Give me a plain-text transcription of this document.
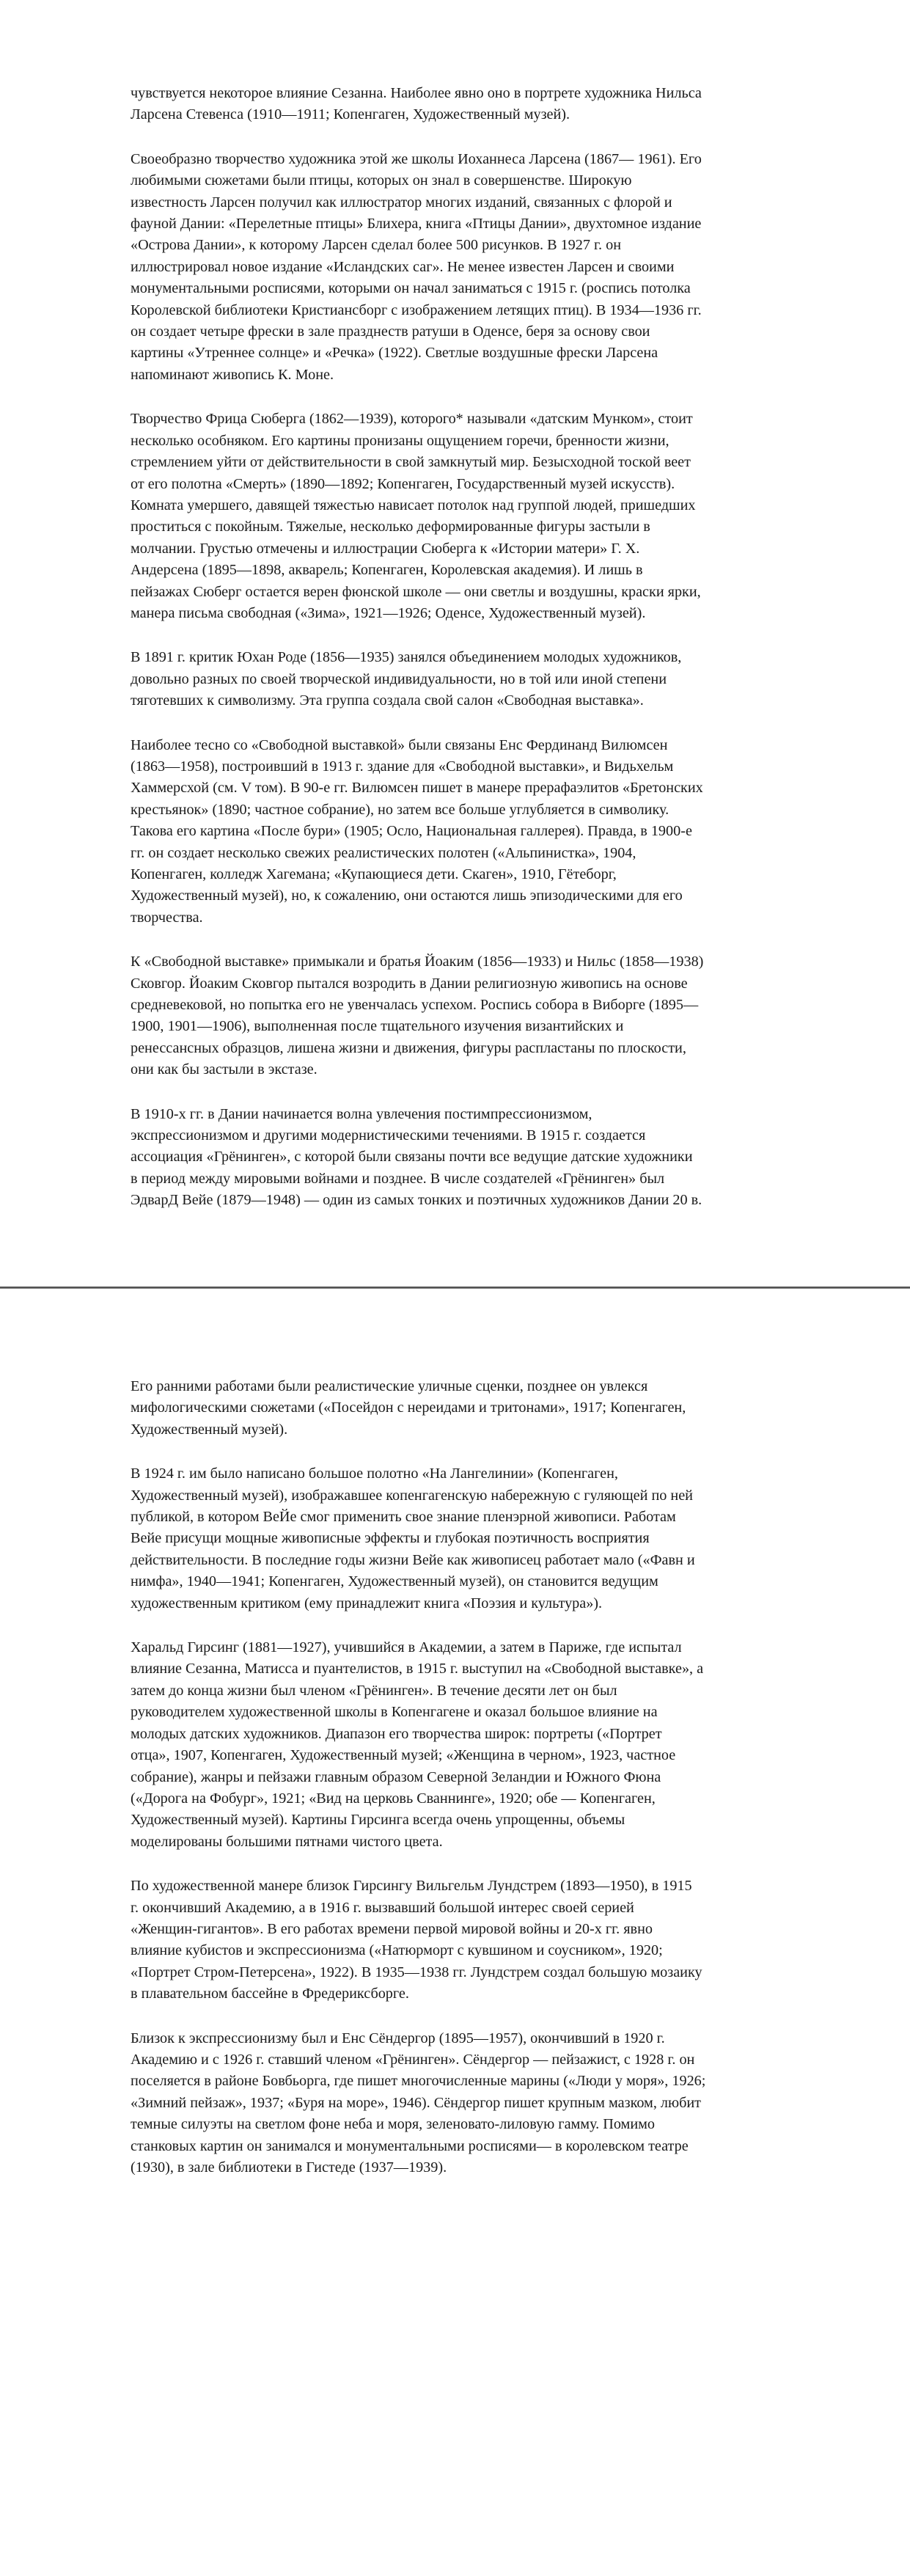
чувствуется некоторое влияние Сезанна. Наиболее явно оно в портрете художника Нильса
Ларсена Стевенса (1910—1911; Копенгаген, Художественный музей).

Своеобразно творчество художника этой же школы Иоханнеса Ларсена (1867— 1961). Его
любимыми сюжетами были птицы, которых он знал в совершенстве. Широкую
известность Ларсен получил как иллюстратор многих изданий, связанных с флорой и
фауной Дании: «Перелетные птицы» Блихера, книга «Птицы Дании», двухтомное издание
«Острова Дании», к которому Ларсен сделал более 500 рисунков. В 1927 г. он
иллюстрировал новое издание «Исландских саг». Не менее известен Ларсен и своими
монументальными росписями, которыми он начал заниматься с 1915 г. (роспись потолка
Королевской библиотеки Кристиансборг с изображением летящих птиц). В 1934—1936 гг.
он создает четыре фрески в зале празднеств ратуши в Оденсе, беря за основу свои
картины «Утреннее солнце» и «Речка» (1922). Светлые воздушные фрески Ларсена
напоминают живопись К. Моне.

Творчество Фрица Сюберга (1862—1939), которого* называли «датским Мунком», стоит
несколько особняком. Его картины пронизаны ощущением горечи, бренности жизни,
стремлением уйти от действительности в свой замкнутый мир. Безысходной тоской веет
от его полотна «Смерть» (1890—1892; Копенгаген, Государственный музей искусств).
Комната умершего, давящей тяжестью нависает потолок над группой людей, пришедших
проститься с покойным. Тяжелые, несколько деформированные фигуры застыли в
молчании. Грустью отмечены и иллюстрации Сюберга к «Истории матери» Г. X.
Андерсена (1895—1898, акварель; Копенгаген, Королевская академия). И лишь в
пейзажах Сюберг остается верен фюнской школе — они светлы и воздушны, краски ярки,
манера письма свободная («Зима», 1921—1926; Оденсе, Художественный музей).

В 1891 г. критик Юхан Роде (1856—1935) занялся объединением молодых художников,
довольно разных по своей творческой индивидуальности, но в той или иной степени
тяготевших к символизму. Эта группа создала свой салон «Свободная выставка».

Наиболее тесно со «Свободной выставкой» были связаны Енс Фердинанд Вилюмсен
(1863—1958), построивший в 1913 г. здание для «Свободной выставки», и Видьхельм
Хаммерсхой (см. V том). В 90-е гг. Вилюмсен пишет в манере прерафаэлитов «Бретонских
крестьянок» (1890; частное собрание), но затем все больше углубляется в символику.
Такова его картина «После бури» (1905; Осло, Национальная галлерея). Правда, в 1900-е
гг. он создает несколько свежих реалистических полотен («Альпинистка», 1904,
Копенгаген, колледж Хагемана; «Купающиеся дети. Скаген», 1910, Гётеборг,
Художественный музей), но, к сожалению, они остаются лишь эпизодическими для его
творчества.

К «Свободной выставке» примыкали и братья Йоаким (1856—1933) и Нильс (1858—1938)
Сковгор. Йоаким Сковгор пытался возродить в Дании религиозную живопись на основе
средневековой, но попытка его не увенчалась успехом. Роспись собора в Виборге (1895—
1900, 1901—1906), выполненная после тщательного изучения византийских и
ренессансных образцов, лишена жизни и движения, фигуры распластаны по плоскости,
они как бы застыли в экстазе.

В 1910-х гг. в Дании начинается волна увлечения постимпрессионизмом,
экспрессионизмом и другими модернистическими течениями. В 1915 г. создается
ассоциация «Грёнинген», с которой были связаны почти все ведущие датские художники
в период между мировыми войнами и позднее. В числе создателей «Грёнинген» был
ЭдварД Вейе (1879—1948) — один из самых тонких и поэтичных художников Дании 20 в.

Его ранними работами были реалистические уличные сценки, позднее он увлекся
мифологическими сюжетами («Посейдон с нереидами и тритонами», 1917; Копенгаген,
Художественный музей).

В 1924 г. им было написано большое полотно «На Лангелинии» (Копенгаген,
Художественный музей), изображавшее копенгагенскую набережную с гуляющей по ней
публикой, в котором ВеЙе смог применить свое знание пленэрной живописи. Работам
Вейе присущи мощные живописные эффекты и глубокая поэтичность восприятия
действительности. В последние годы жизни Вейе как живописец работает мало («Фавн и
нимфа», 1940—1941; Копенгаген, Художественный музей), он становится ведущим
художественным критиком (ему принадлежит книга «Поэзия и культура»).

Харальд Гирсинг (1881—1927), учившийся в Академии, а затем в Париже, где испытал
влияние Сезанна, Матисса и пуантелистов, в 1915 г. выступил на «Свободной выставке», а
затем до конца жизни был членом «Грёнинген». В течение десяти лет он был
руководителем художественной школы в Копенгагене и оказал большое влияние на
молодых датских художников. Диапазон его творчества широк: портреты («Портрет
отца», 1907, Копенгаген, Художественный музей; «Женщина в черном», 1923, частное
собрание), жанры и пейзажи главным образом Северной Зеландии и Южного Фюна
(«Дорога на Фобург», 1921; «Вид на церковь Сваннинге», 1920; обе — Копенгаген,
Художественный музей). Картины Гирсинга всегда очень упрощенны, объемы
моделированы большими пятнами чистого цвета.

По художественной манере близок Гирсингу Вильгельм Лундстрем (1893—1950), в 1915
г. окончивший Академию, а в 1916 г. вызвавший большой интерес своей серией
«Женщин-гигантов». В его работах времени первой мировой войны и 20-х гг. явно
влияние кубистов и экспрессионизма («Натюрморт с кувшином и соусником», 1920;
«Портрет Стром-Петерсена», 1922). В 1935—1938 гг. Лундстрем создал большую мозаику
в плавательном бассейне в Фредериксборге.

Близок к экспрессионизму был и Енс Сёндергор (1895—1957), окончивший в 1920 г.
Академию и с 1926 г. ставший членом «Грёнинген». Сёндергор — пейзажист, с 1928 г. он
поселяется в районе Бовбьорга, где пишет многочисленные марины («Люди у моря», 1926;
«Зимний пейзаж», 1937; «Буря на море», 1946). Сёндергор пишет крупным мазком, любит
темные силуэты на светлом фоне неба и моря, зеленовато-лиловую гамму. Помимо
станковых картин он занимался и монументальными росписями— в королевском театре
(1930), в зале библиотеки в Гистеде (1937—1939).
